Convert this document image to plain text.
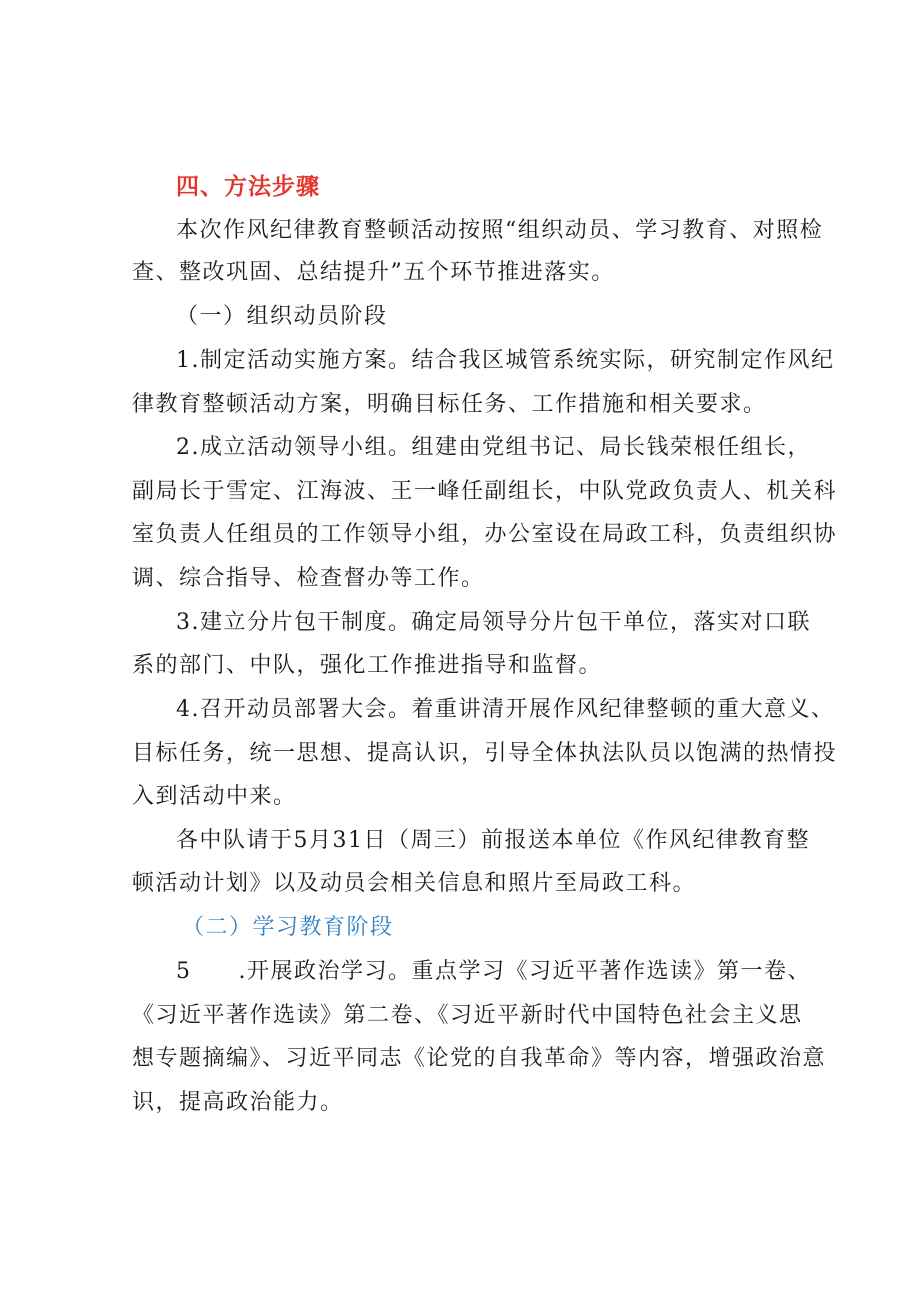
四、方法步骤
本次作风纪律教育整顿活动按照“组织动员、学习教育、对照检
查、整改巩固、总结提升”五个环节推进落实。
（一）组织动员阶段
1.制定活动实施方案。结合我区城管系统实际，研究制定作风纪
律教育整顿活动方案，明确目标任务、工作措施和相关要求。
2.成立活动领导小组。组建由党组书记、局长钱荣根任组长，
副局长于雪定、江海波、王一峰任副组长，中队党政负责人、机关科
室负责人任组员的工作领导小组，办公室设在局政工科，负责组织协
调、综合指导、检查督办等工作。
3.建立分片包干制度。确定局领导分片包干单位，落实对口联
系的部门、中队，强化工作推进指导和监督。
4.召开动员部署大会。着重讲清开展作风纪律整顿的重大意义、
目标任务，统一思想、提高认识，引导全体执法队员以饱满的热情投
入到活动中来。
各中队请于5月31日（周三）前报送本单位《作风纪律教育整
顿活动计划》以及动员会相关信息和照片至局政工科。
（二）学习教育阶段
5　　.开展政治学习。重点学习《习近平著作选读》第一卷、
《习近平著作选读》第二卷、《习近平新时代中国特色社会主义思
想专题摘编》、习近平同志《论党的自我革命》等内容，增强政治意
识，提高政治能力。
